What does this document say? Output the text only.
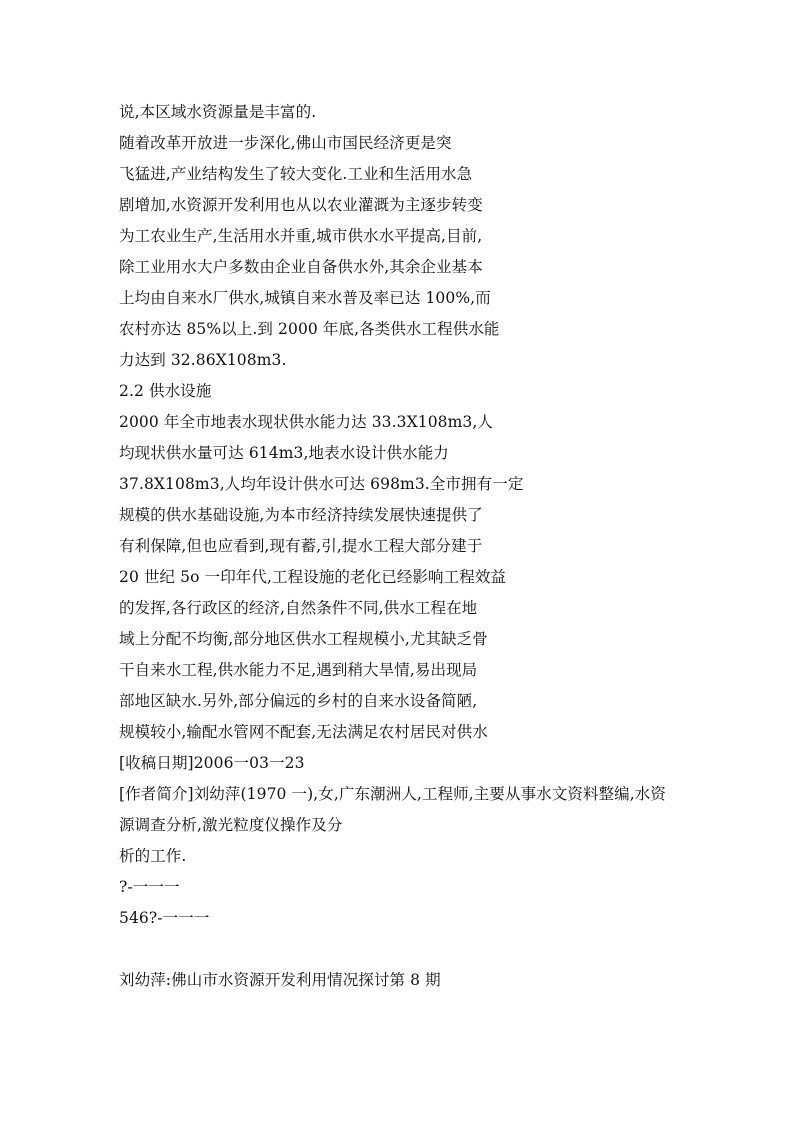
说,本区域水资源量是丰富的.
随着改革开放进一步深化,佛山市国民经济更是突
飞猛进,产业结构发生了较大变化.工业和生活用水急
剧增加,水资源开发利用也从以农业灌溉为主逐步转变
为工农业生产,生活用水并重,城市供水水平提高,目前,
除工业用水大户多数由企业自备供水外,其余企业基本
上均由自来水厂供水,城镇自来水普及率已达 100%,而
农村亦达 85%以上.到 2000 年底,各类供水工程供水能
力达到 32.86X108m3.
2.2 供水设施
2000 年全市地表水现状供水能力达 33.3X108m3,人
均现状供水量可达 614m3,地表水设计供水能力
37.8X108m3,人均年设计供水可达 698m3.全市拥有一定
规模的供水基础设施,为本市经济持续发展快速提供了
有利保障,但也应看到,现有蓄,引,提水工程大部分建于
20 世纪 5o 一印年代,工程设施的老化已经影响工程效益
的发挥,各行政区的经济,自然条件不同,供水工程在地
域上分配不均衡,部分地区供水工程规模小,尤其缺乏骨
干自来水工程,供水能力不足,遇到稍大旱情,易出现局
部地区缺水.另外,部分偏远的乡村的自来水设备简陋,
规模较小,输配水管网不配套,无法满足农村居民对供水
[收稿日期]2006一03一23
[作者简介]刘幼萍(1970 一),女,广东潮洲人,工程师,主要从事水文资料整编,水资
源调查分析,激光粒度仪操作及分
析的工作.
?-一一一
546?-一一一
刘幼萍:佛山市水资源开发利用情况探讨第 8 期
